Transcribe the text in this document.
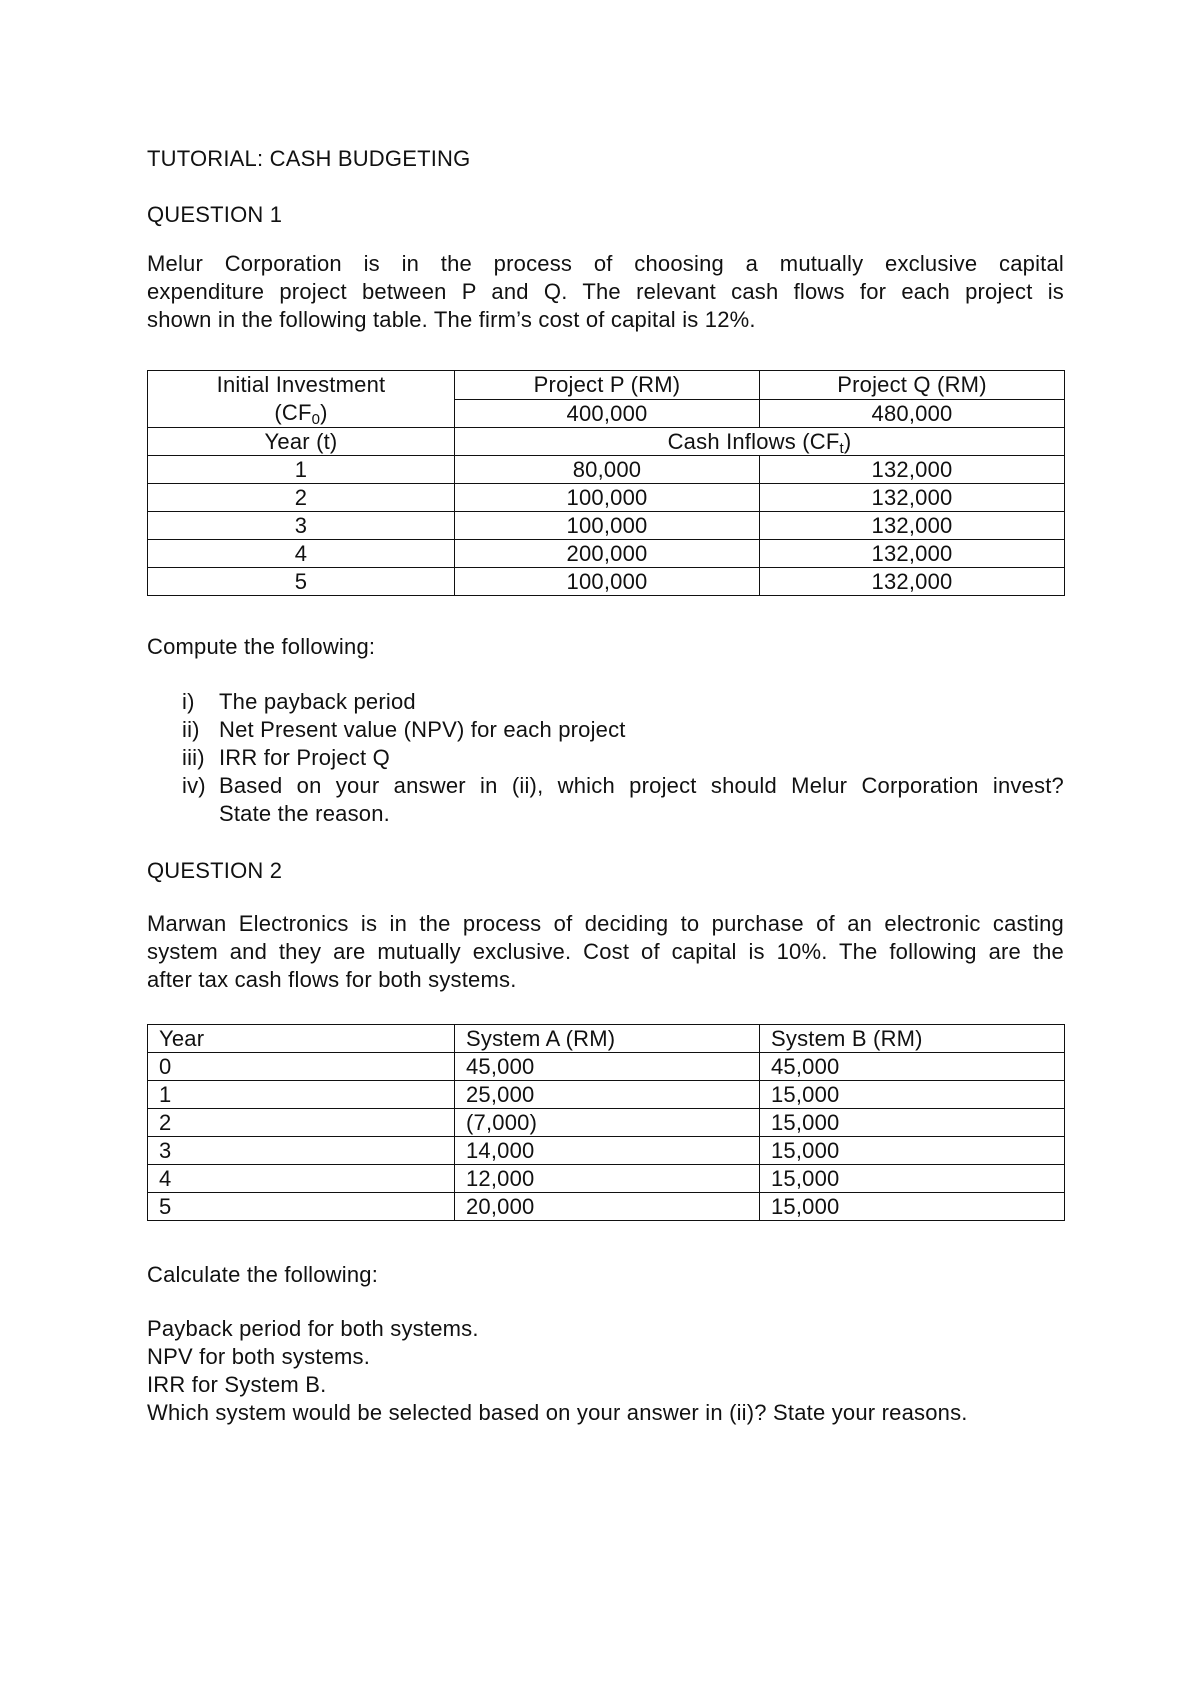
TUTORIAL: CASH BUDGETING
QUESTION 1
Melur Corporation is in the process of choosing a mutually exclusive capital
expenditure project between P and Q. The relevant cash flows for each project is
shown in the following table. The firm’s cost of capital is 12%.
Initial Investment
$(CF_0)$	Project P (RM)	Project Q (RM)
	400,000	480,000
Year (t)	Cash Inflows $(CF_t)$	
1	80,000	132,000
2	100,000	132,000
3	100,000	132,000
4	200,000	132,000
5	100,000	132,000
Compute the following:
i) The payback period
ii) Net Present value (NPV) for each project
iii) IRR for Project Q
iv) Based on your answer in (ii), which project should Melur Corporation invest?
State the reason.
QUESTION 2
Marwan Electronics is in the process of deciding to purchase of an electronic casting
system and they are mutually exclusive. Cost of capital is 10%. The following are the
after tax cash flows for both systems.
Year	System A (RM)	System B (RM)
0	45,000	45,000
1	25,000	15,000
2	(7,000)	15,000
3	14,000	15,000
4	12,000	15,000
5	20,000	15,000
Calculate the following:
Payback period for both systems.
NPV for both systems.
IRR for System B.
Which system would be selected based on your answer in (ii)? State your reasons.
